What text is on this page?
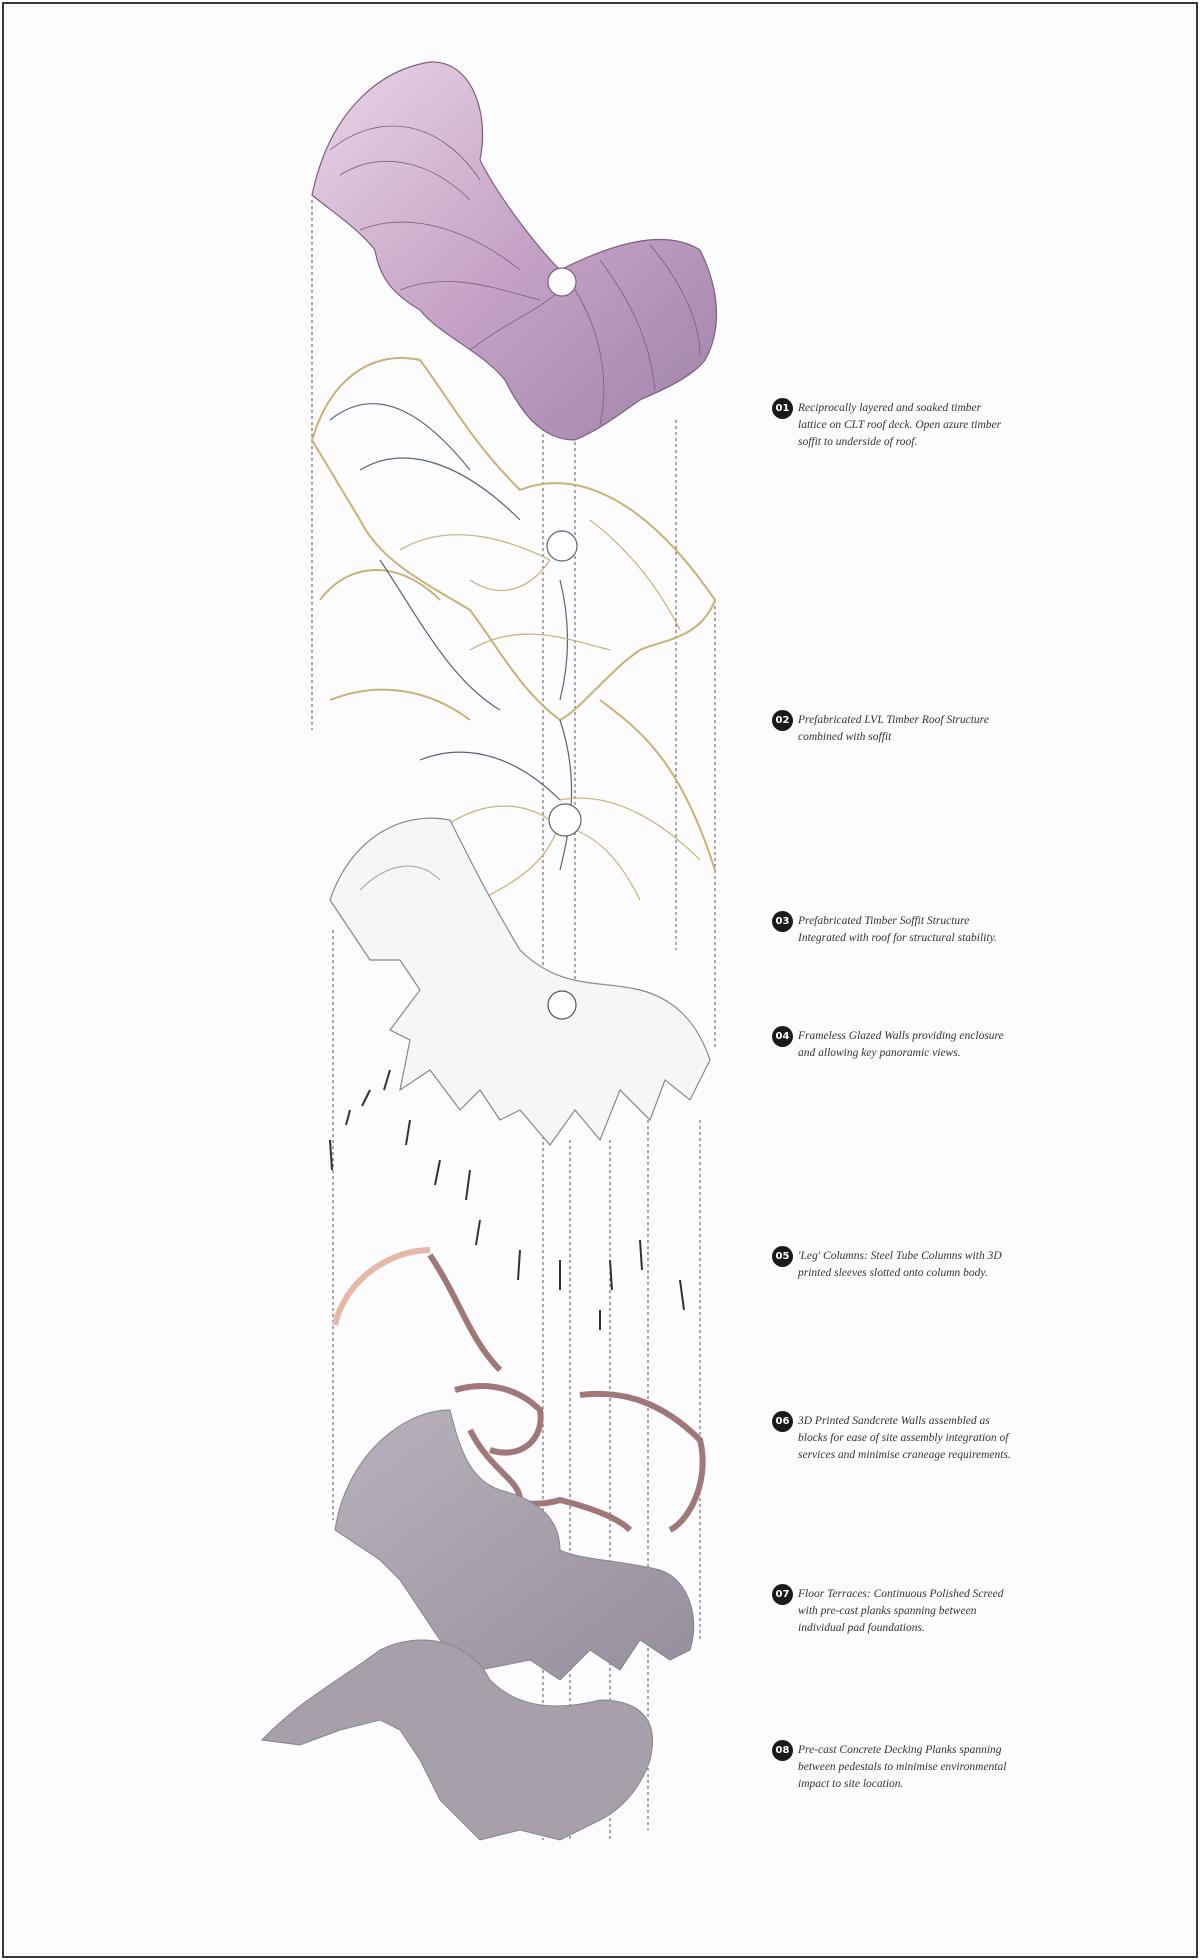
01 Reciprocally layered and soaked timber lattice on CLT roof deck. Open azure timber soffit to underside of roof.
02 Prefabricated LVL Timber Roof Structure combined with soffit
03 Prefabricated Timber Soffit Structure Integrated with roof for structural stability.
04 Frameless Glazed Walls providing enclosure and allowing key panoramic views.
05 'Leg' Columns: Steel Tube Columns with 3D printed sleeves slotted onto column body.
06 3D Printed Sandcrete Walls assembled as blocks for ease of site assembly integration of services and minimise craneage requirements.
07 Floor Terraces: Continuous Polished Screed with pre-cast planks spanning between individual pad foundations.
08 Pre-cast Concrete Decking Planks spanning between pedestals to minimise environmental impact to site location.
